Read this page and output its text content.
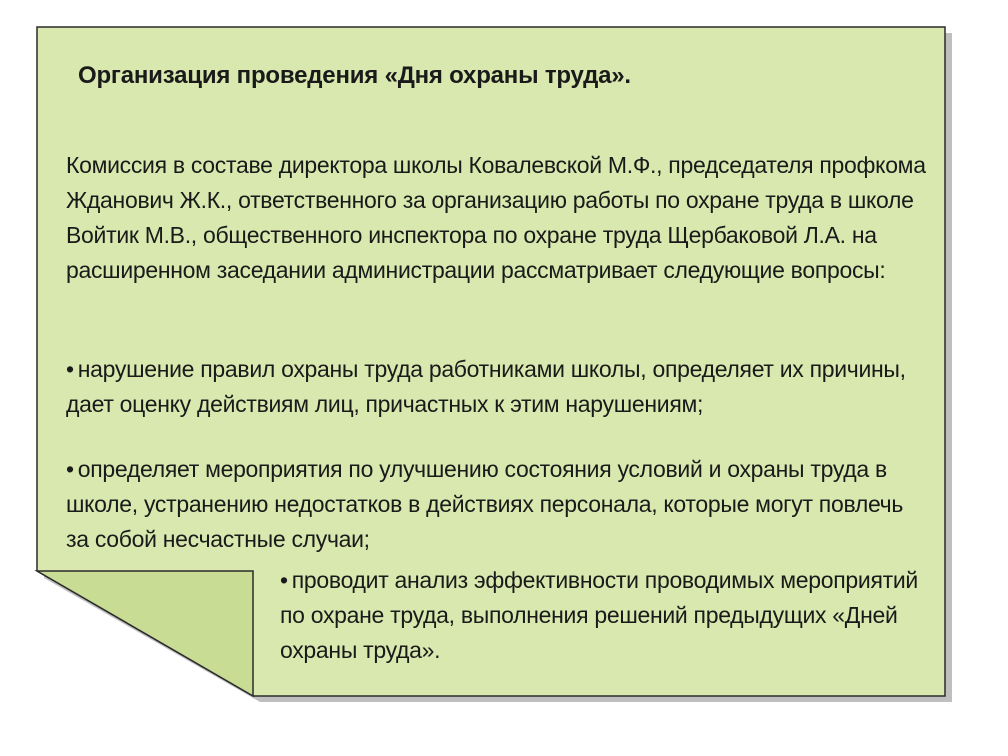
Организация проведения «Дня охраны труда».
Комиссия в составе директора школы Ковалевской М.Ф., председателя профкома Жданович Ж.К., ответственного за организацию работы по охране труда в школе Войтик М.В., общественного инспектора по охране труда Щербаковой Л.А. на расширенном заседании администрации рассматривает следующие вопросы:
• нарушение правил охраны труда работниками школы, определяет их причины, дает оценку действиям лиц, причастных к этим нарушениям;
• определяет мероприятия по улучшению состояния условий и охраны труда в школе, устранению недостатков в действиях персонала, которые могут повлечь за собой несчастные случаи;
• проводит анализ эффективности проводимых мероприятий по охране труда, выполнения решений предыдущих «Дней охраны труда».
